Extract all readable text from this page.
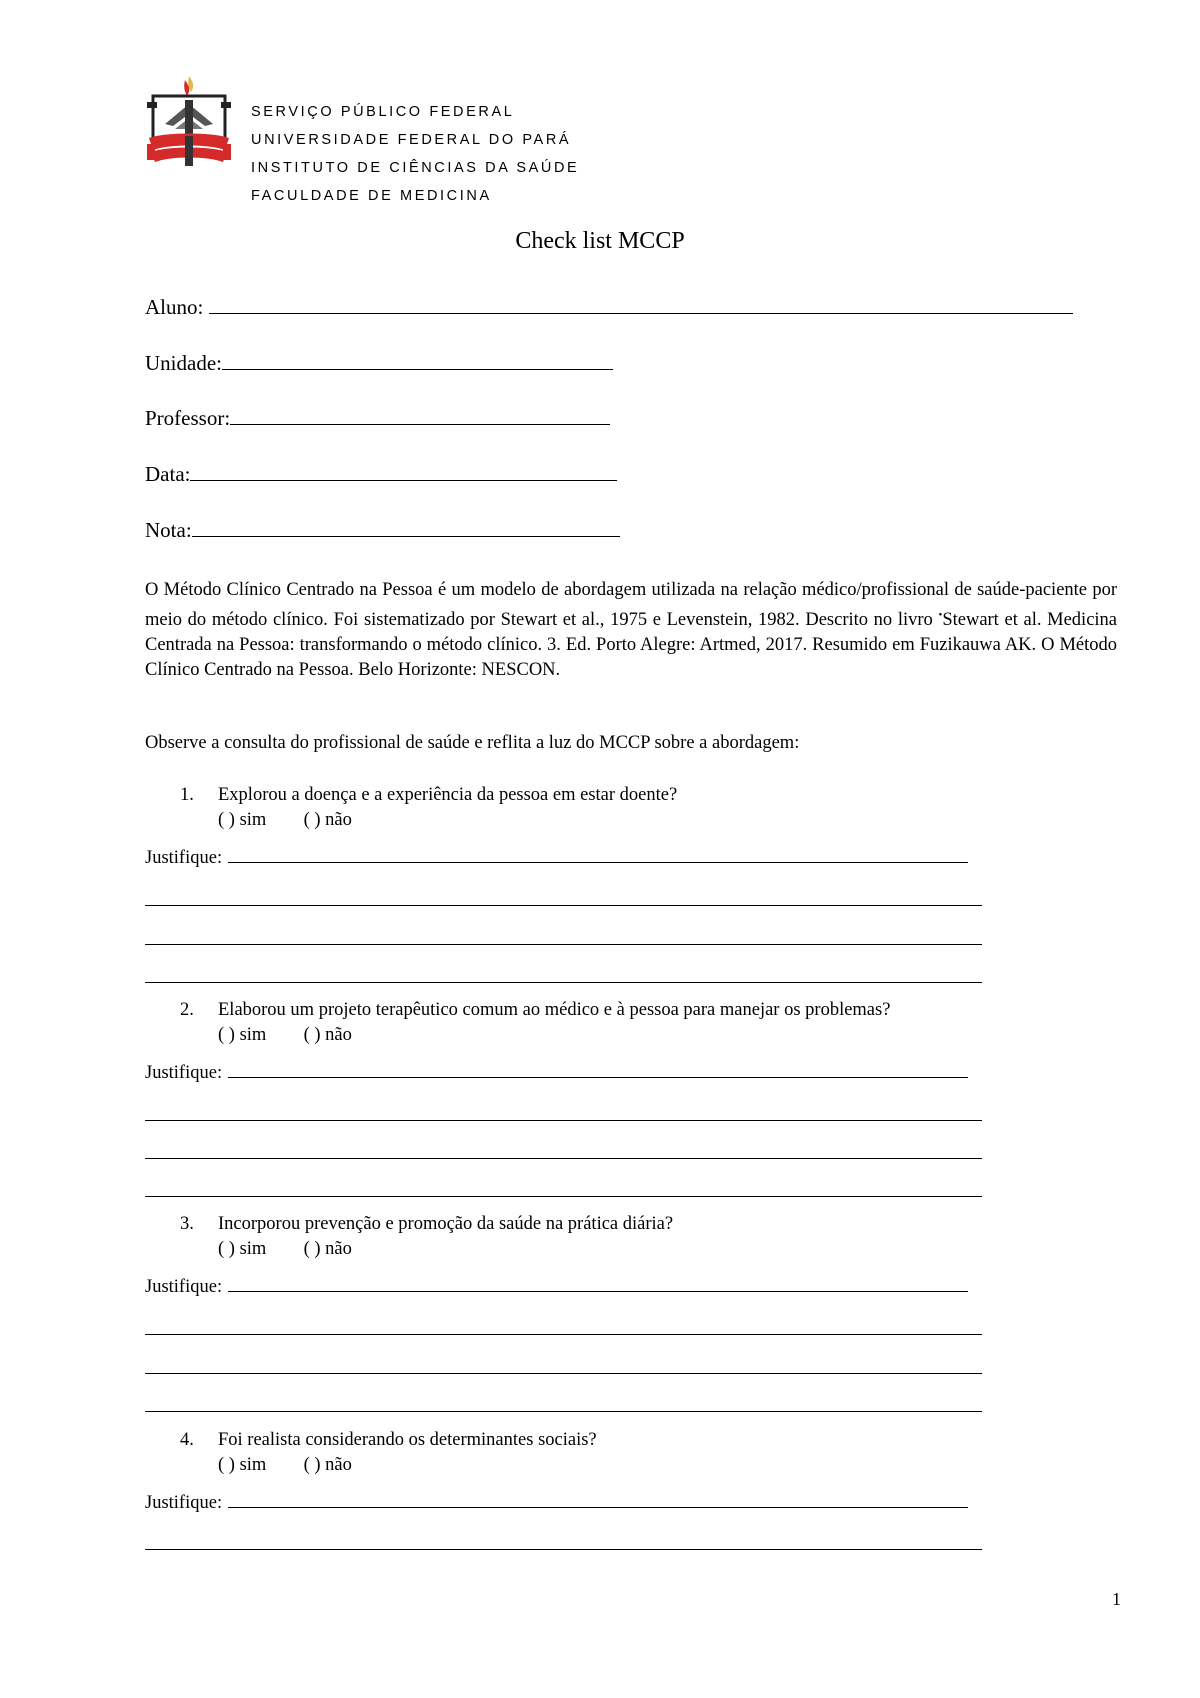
SERVIÇO PÚBLICO FEDERAL
UNIVERSIDADE FEDERAL DO PARÁ
INSTITUTO DE CIÊNCIAS DA SAÚDE
FACULDADE DE MEDICINA
Check list MCCP
Aluno:
Unidade:
Professor:
Data:
Nota:
O Método Clínico Centrado na Pessoa é um modelo de abordagem utilizada na relação médico/profissional de saúde-paciente por meio do método clínico. Foi sistematizado por Stewart et al., 1975 e Levenstein, 1982. Descrito no livro •Stewart et al. Medicina Centrada na Pessoa: transformando o método clínico. 3. Ed. Porto Alegre: Artmed, 2017. Resumido em Fuzikauwa AK. O Método Clínico Centrado na Pessoa. Belo Horizonte: NESCON.
Observe a consulta do profissional de saúde e reflita a luz do MCCP sobre a abordagem:
1. Explorou a doença e a experiência da pessoa em estar doente?
( ) sim ( ) não
Justifique:
2. Elaborou um projeto terapêutico comum ao médico e à pessoa para manejar os problemas?
( ) sim ( ) não
Justifique:
3. Incorporou prevenção e promoção da saúde na prática diária?
( ) sim ( ) não
Justifique:
4. Foi realista considerando os determinantes sociais?
( ) sim ( ) não
Justifique:
1
